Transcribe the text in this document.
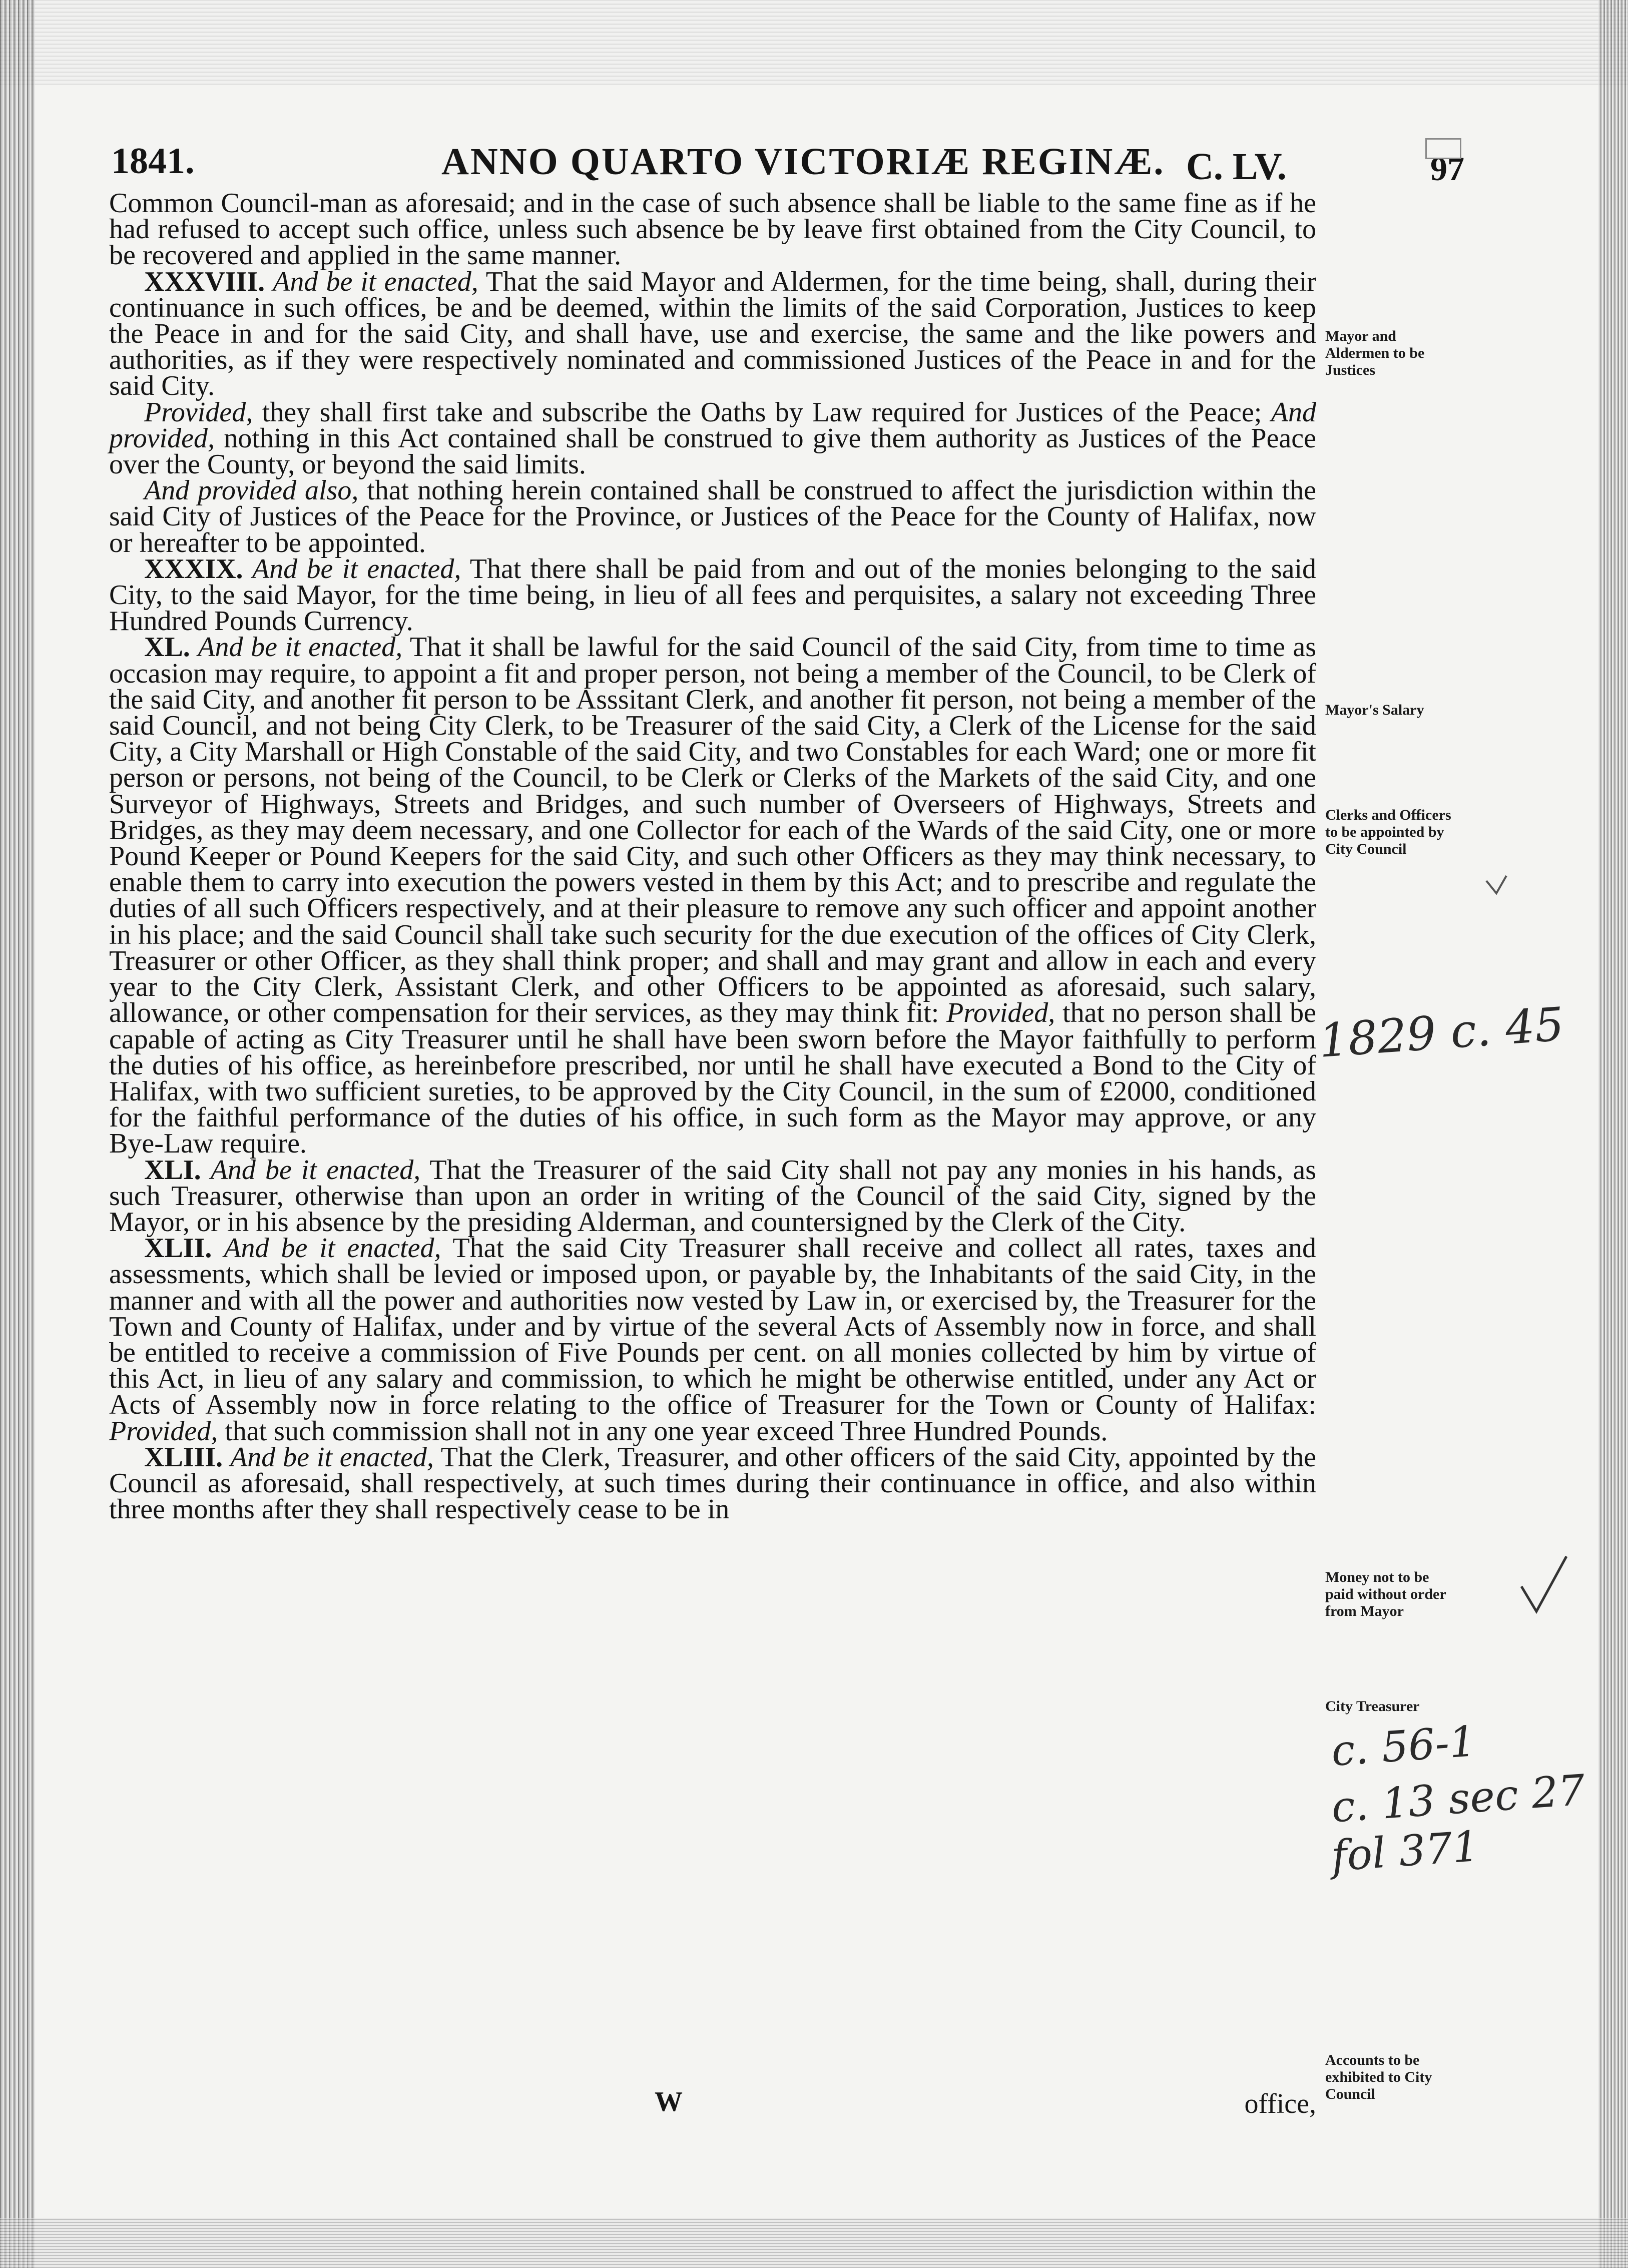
1841.	ANNO QUARTO VICTORIÆ REGINÆ. C. LV.	97

Common Council-man as aforesaid; and in the case of such absence shall be liable to the same fine as if he had refused to accept such office, unless such absence be by leave first obtained from the City Council, to be recovered and applied in the same manner.

XXXVIII. And be it enacted, That the said Mayor and Aldermen, for the time being, shall, during their continuance in such offices, be and be deemed, within the limits of the said Corporation, Justices to keep the Peace in and for the said City, and shall have, use and exercise, the same and the like powers and authorities, as if they were respectively nominated and commissioned Justices of the Peace in and for the said City.

Provided, they shall first take and subscribe the Oaths by Law required for Justices of the Peace; And provided, nothing in this Act contained shall be construed to give them authority as Justices of the Peace over the County, or beyond the said limits.

And provided also, that nothing herein contained shall be construed to affect the jurisdiction within the said City of Justices of the Peace for the Province, or Justices of the Peace for the County of Halifax, now or hereafter to be appointed.

XXXIX. And be it enacted, That there shall be paid from and out of the monies belonging to the said City, to the said Mayor, for the time being, in lieu of all fees and perquisites, a salary not exceeding Three Hundred Pounds Currency.

XL. And be it enacted, That it shall be lawful for the said Council of the said City, from time to time as occasion may require, to appoint a fit and proper person, not being a member of the Council, to be Clerk of the said City, and another fit person to be Asssitant Clerk, and another fit person, not being a member of the said Council, and not being City Clerk, to be Treasurer of the said City, a Clerk of the License for the said City, a City Marshall or High Constable of the said City, and two Constables for each Ward; one or more fit person or persons, not being of the Council, to be Clerk or Clerks of the Markets of the said City, and one Surveyor of Highways, Streets and Bridges, and such number of Overseers of Highways, Streets and Bridges, as they may deem necessary, and one Collector for each of the Wards of the said City, one or more Pound Keeper or Pound Keepers for the said City, and such other Officers as they may think necessary, to enable them to carry into execution the powers vested in them by this Act; and to prescribe and regulate the duties of all such Officers respectively, and at their pleasure to remove any such officer and appoint another in his place; and the said Council shall take such security for the due execution of the offices of City Clerk, Treasurer or other Officer, as they shall think proper; and shall and may grant and allow in each and every year to the City Clerk, Assistant Clerk, and other Officers to be appointed as aforesaid, such salary, allowance, or other compensation for their services, as they may think fit: Provided, that no person shall be capable of acting as City Treasurer until he shall have been sworn before the Mayor faithfully to perform the duties of his office, as hereinbefore prescribed, nor until he shall have executed a Bond to the City of Halifax, with two sufficient sureties, to be approved by the City Council, in the sum of £2000, conditioned for the faithful performance of the duties of his office, in such form as the Mayor may approve, or any Bye-Law require.

XLI. And be it enacted, That the Treasurer of the said City shall not pay any monies in his hands, as such Treasurer, otherwise than upon an order in writing of the Council of the said City, signed by the Mayor, or in his absence by the presiding Alderman, and countersigned by the Clerk of the City.

XLII. And be it enacted, That the said City Treasurer shall receive and collect all rates, taxes and assessments, which shall be levied or imposed upon, or payable by, the Inhabitants of the said City, in the manner and with all the power and authorities now vested by Law in, or exercised by, the Treasurer for the Town and County of Halifax, under and by virtue of the several Acts of Assembly now in force, and shall be entitled to receive a commission of Five Pounds per cent. on all monies collected by him by virtue of this Act, in lieu of any salary and commission, to which he might be otherwise entitled, under any Act or Acts of Assembly now in force relating to the office of Treasurer for the Town or County of Halifax: Provided, that such commission shall not in any one year exceed Three Hundred Pounds.

XLIII. And be it enacted, That the Clerk, Treasurer, and other officers of the said City, appointed by the Council as aforesaid, shall respectively, at such times during their continuance in office, and also within three months after they shall respectively cease to be in

W	office,
Mayor and Aldermen to be Justices
Mayor's Salary
Clerks and Officers to be appointed by City Council
Money not to be paid without order from Mayor
City Treasurer
Accounts to be exhibited to City Council
1829 c. 45
c. 56-1
c. 13 sec 27
fol 371
